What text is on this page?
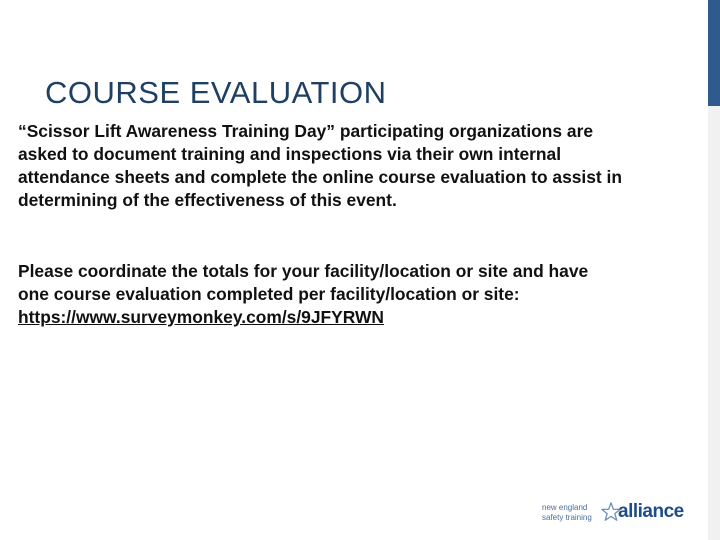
COURSE EVALUATION

“Scissor Lift Awareness Training Day” participating organizations are

asked to document training and inspections via their own internal

attendance sheets and complete the online course evaluation to assist in

determining of the effectiveness of this event.

Please coordinate the totals for your facility/location or site and have

one course evaluation completed per facility/location or site:

https://www.surveymonkey.com/s/9JFYRWN

new england
safety training alliance
